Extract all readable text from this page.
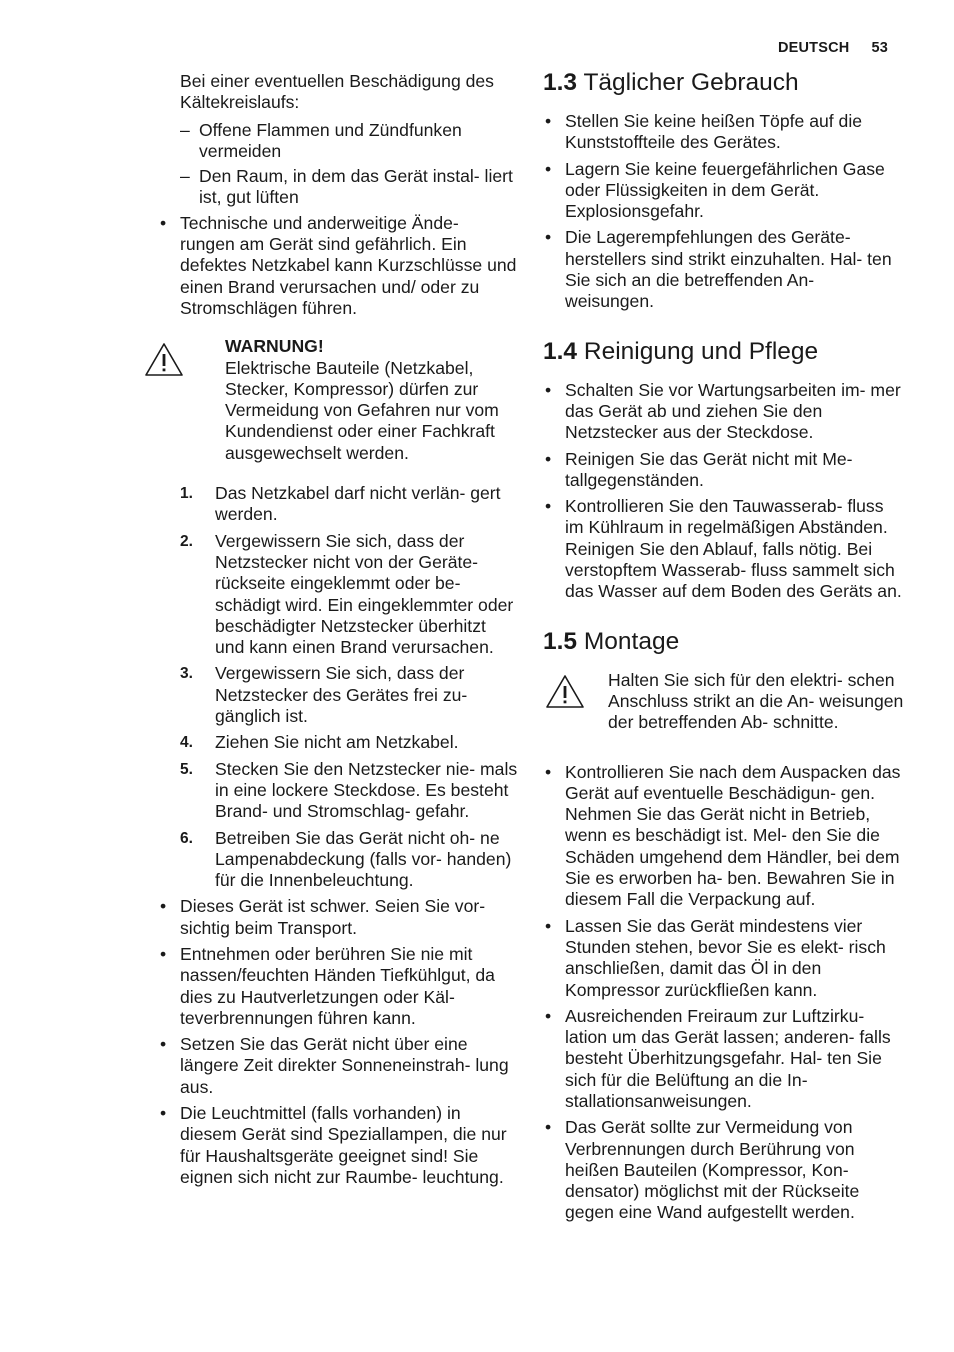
DEUTSCH 53

Bei einer eventuellen Beschädigung des Kältekreislaufs:

– Offene Flammen und Zündfunken vermeiden
– Den Raum, in dem das Gerät instal- liert ist, gut lüften
• Technische und anderweitige Ände- rungen am Gerät sind gefährlich. Ein defektes Netzkabel kann Kurzschlüsse und einen Brand verursachen und/ oder zu Stromschlägen führen.
WARNUNG!
Elektrische Bauteile (Netzkabel, Stecker, Kompressor) dürfen zur Vermeidung von Gefahren nur vom Kundendienst oder einer Fachkraft ausgewechselt werden.
1. Das Netzkabel darf nicht verlän- gert werden.
2. Vergewissern Sie sich, dass der Netzstecker nicht von der Geräte- rückseite eingeklemmt oder be- schädigt wird. Ein eingeklemmter oder beschädigter Netzstecker überhitzt und kann einen Brand verursachen.
3. Vergewissern Sie sich, dass der Netzstecker des Gerätes frei zu- gänglich ist.
4. Ziehen Sie nicht am Netzkabel.
5. Stecken Sie den Netzstecker nie- mals in eine lockere Steckdose. Es besteht Brand- und Stromschlag- gefahr.
6. Betreiben Sie das Gerät nicht oh- ne Lampenabdeckung (falls vor- handen) für die Innenbeleuchtung.
• Dieses Gerät ist schwer. Seien Sie vor- sichtig beim Transport.
• Entnehmen oder berühren Sie nie mit nassen/feuchten Händen Tiefkühlgut, da dies zu Hautverletzungen oder Käl- teverbrennungen führen kann.
• Setzen Sie das Gerät nicht über eine längere Zeit direkter Sonneneinstrah- lung aus.
• Die Leuchtmittel (falls vorhanden) in diesem Gerät sind Speziallampen, die nur für Haushaltsgeräte geeignet sind! Sie eignen sich nicht zur Raumbe- leuchtung.
1.3 Täglicher Gebrauch
• Stellen Sie keine heißen Töpfe auf die Kunststoffteile des Gerätes.
• Lagern Sie keine feuergefährlichen Gase oder Flüssigkeiten in dem Gerät. Explosionsgefahr.
• Die Lagerempfehlungen des Geräte- herstellers sind strikt einzuhalten. Hal- ten Sie sich an die betreffenden An- weisungen.
1.4 Reinigung und Pflege
• Schalten Sie vor Wartungsarbeiten im- mer das Gerät ab und ziehen Sie den Netzstecker aus der Steckdose.
• Reinigen Sie das Gerät nicht mit Me- tallgegenständen.
• Kontrollieren Sie den Tauwasserab- fluss im Kühlraum in regelmäßigen Abständen. Reinigen Sie den Ablauf, falls nötig. Bei verstopftem Wasserab- fluss sammelt sich das Wasser auf dem Boden des Geräts an.
1.5 Montage
Halten Sie sich für den elektri- schen Anschluss strikt an die An- weisungen der betreffenden Ab- schnitte.
• Kontrollieren Sie nach dem Auspacken das Gerät auf eventuelle Beschädigun- gen. Nehmen Sie das Gerät nicht in Betrieb, wenn es beschädigt ist. Mel- den Sie die Schäden umgehend dem Händler, bei dem Sie es erworben ha- ben. Bewahren Sie in diesem Fall die Verpackung auf.
• Lassen Sie das Gerät mindestens vier Stunden stehen, bevor Sie es elekt- risch anschließen, damit das Öl in den Kompressor zurückfließen kann.
• Ausreichenden Freiraum zur Luftzirku- lation um das Gerät lassen; anderen- falls besteht Überhitzungsgefahr. Hal- ten Sie sich für die Belüftung an die In- stallationsanweisungen.
• Das Gerät sollte zur Vermeidung von Verbrennungen durch Berührung von heißen Bauteilen (Kompressor, Kon- densator) möglichst mit der Rückseite gegen eine Wand aufgestellt werden.
